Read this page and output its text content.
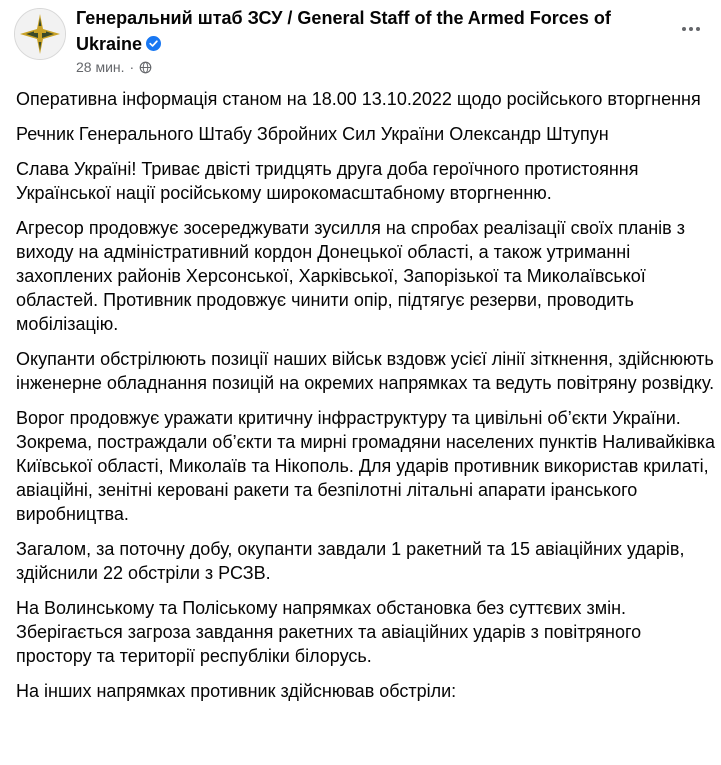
Генеральний штаб ЗСУ / General Staff of the Armed Forces of Ukraine
28 мин. ·

Оперативна інформація станом на 18.00 13.10.2022 щодо російського вторгнення

Речник Генерального Штабу Збройних Сил України Олександр Штупун

Слава Україні! Триває двісті тридцять друга доба героїчного протистояння Української нації російському широкомасштабному вторгненню.

Агресор продовжує зосереджувати зусилля на спробах реалізації своїх планів з виходу на адміністративний кордон Донецької області, а також утриманні захоплених районів Херсонської, Харківської, Запорізької та Миколаївської областей. Противник продовжує чинити опір, підтягує резерви, проводить мобілізацію.

Окупанти обстрілюють позиції наших військ вздовж усієї лінії зіткнення, здійснюють інженерне обладнання позицій на окремих напрямках та ведуть повітряну розвідку.

Ворог продовжує уражати критичну інфраструктуру та цивільні об’єкти України. Зокрема, постраждали об’єкти та мирні громадяни населених пунктів Наливайківка Київської області, Миколаїв та Нікополь. Для ударів противник використав крилаті, авіаційні, зенітні керовані ракети та безпілотні літальні апарати іранського виробництва.

Загалом, за поточну добу, окупанти завдали 1 ракетний та 15 авіаційних ударів, здійснили 22 обстріли з РСЗВ.

На Волинському та Поліському напрямках обстановка без суттєвих змін. Зберігається загроза завдання ракетних та авіаційних ударів з повітряного простору та території республіки білорусь.

На інших напрямках противник здійснював обстріли:
